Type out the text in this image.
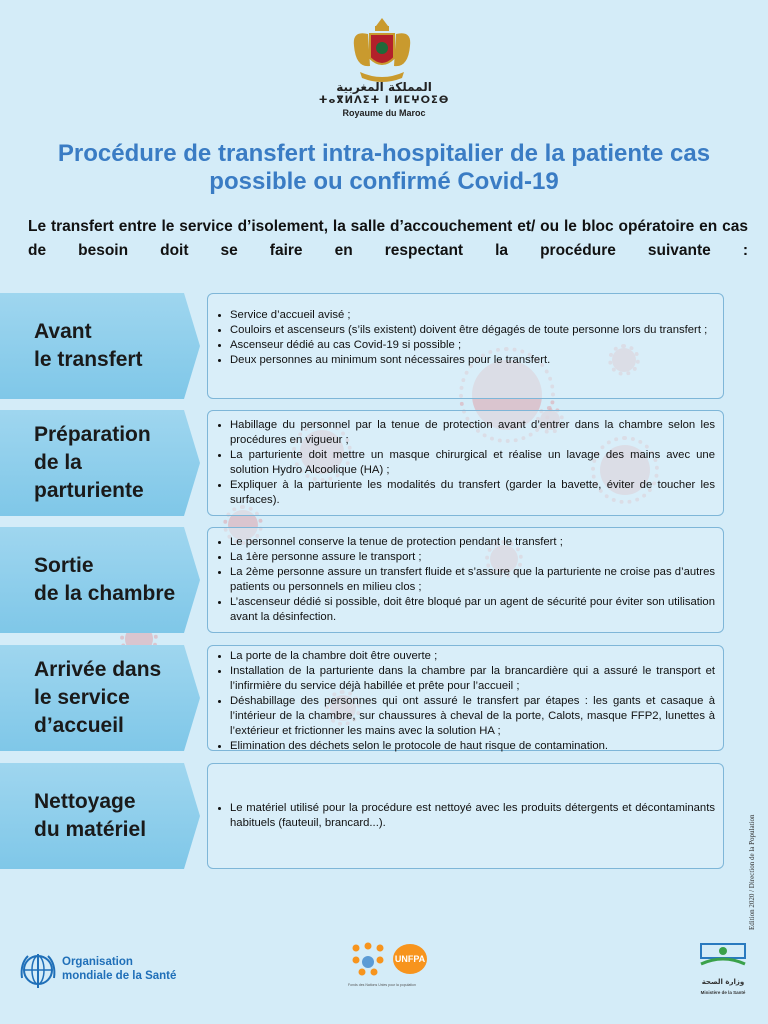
المملكة المغربية
ⵜⴰⴳⵍⴷⵉⵜ ⵏ ⵍⵎⵖⵔⵉⴱ
Royaume du Maroc
Procédure de transfert intra-hospitalier de la patiente cas possible ou confirmé Covid-19
Le transfert entre le service d’isolement, la salle d’accouchement et/ ou le bloc opératoire en cas de besoin doit se faire en respectant la procédure suivante :
Avant
le transfert
• Service d’accueil avisé ;
• Couloirs et ascenseurs (s’ils existent) doivent être dégagés de toute personne lors du transfert ;
• Ascenseur dédié au cas Covid-19 si possible ;
• Deux personnes au minimum sont nécessaires pour le transfert.
Préparation
de la
parturiente
• Habillage du personnel par la tenue de protection avant d’entrer dans la chambre selon les procédures en vigueur ;
• La parturiente doit mettre un masque chirurgical et réalise un lavage des mains avec une solution Hydro Alcoolique (HA) ;
• Expliquer à la parturiente les modalités du transfert (garder la bavette, éviter de toucher les surfaces).
Sortie
de la chambre
• Le personnel conserve la tenue de protection pendant le transfert ;
• La 1ère personne assure le transport ;
• La 2ème personne assure un transfert fluide et s’assure que la parturiente ne croise pas d’autres patients ou personnels en milieu clos ;
• L’ascenseur dédié si possible, doit être bloqué par un agent de sécurité pour éviter son utilisation avant la désinfection.
Arrivée dans
le service
d’accueil
• La porte de la chambre doit être ouverte ;
• Installation de la parturiente dans la chambre par la brancardière qui a assuré le transport et l’infirmière du service déjà habillée et prête pour l’accueil ;
• Déshabillage des personnes qui ont assuré le transfert par étapes : les gants et casaque à l’intérieur de la chambre, sur chaussures à cheval de la porte, Calots, masque FFP2, lunettes à l’extérieur et frictionner les mains avec la solution HA ;
• Elimination des déchets selon le protocole de haut risque de contamination.
Nettoyage
du matériel
• Le matériel utilisé pour la procédure est nettoyé avec les produits détergents et décontaminants habituels (fauteuil, brancard...).	Edition 2020 / Direction de la Population
Organisation
mondiale de la Santé
UNFPA
Fonds des Nations Unies pour la population	وزارة الصحة
Ministère de la Santé
